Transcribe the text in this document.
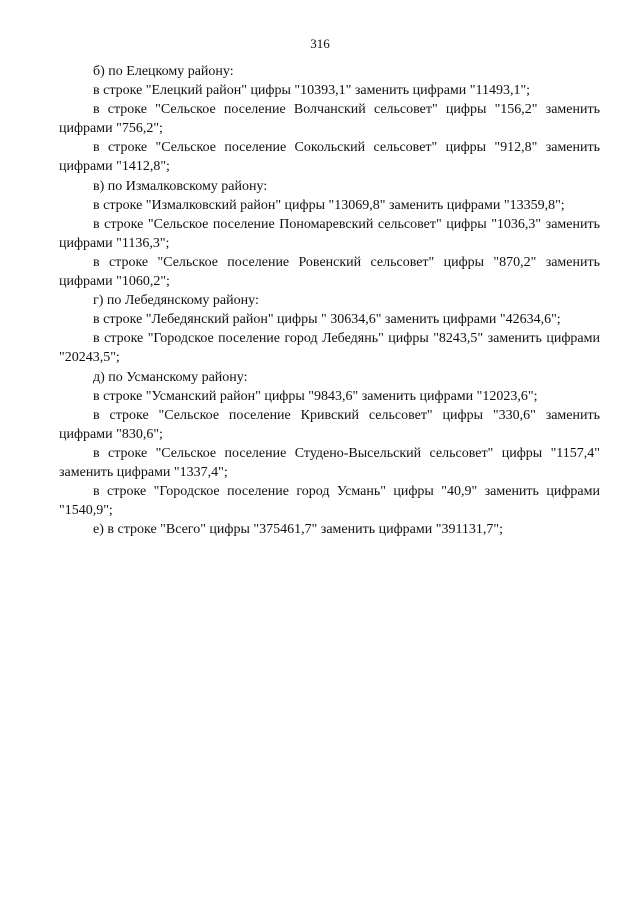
316

б) по Елецкому району:

в строке "Елецкий район" цифры "10393,1" заменить цифрами "11493,1";

в строке "Сельское поселение Волчанский сельсовет" цифры "156,2" заменить цифрами "756,2";

в строке "Сельское поселение Сокольский сельсовет" цифры "912,8" заменить цифрами "1412,8";

в) по Измалковскому району:

в строке "Измалковский район" цифры "13069,8" заменить цифрами "13359,8";

в строке "Сельское поселение Пономаревский сельсовет" цифры "1036,3" заменить цифрами "1136,3";

в строке "Сельское поселение Ровенский сельсовет" цифры "870,2" заменить цифрами "1060,2";

г) по Лебедянскому району:

в строке "Лебедянский район" цифры " 30634,6" заменить цифрами "42634,6";

в строке "Городское поселение город Лебедянь" цифры "8243,5" заменить цифрами "20243,5";

д) по Усманскому району:

в строке "Усманский район" цифры "9843,6" заменить цифрами "12023,6";

в строке "Сельское поселение Кривский сельсовет" цифры "330,6" заменить цифрами "830,6";

в строке "Сельское поселение Студено-Высельский сельсовет" цифры "1157,4" заменить цифрами "1337,4";

в строке "Городское поселение город Усмань" цифры "40,9" заменить цифрами "1540,9";

е) в строке "Всего" цифры "375461,7" заменить цифрами "391131,7";
